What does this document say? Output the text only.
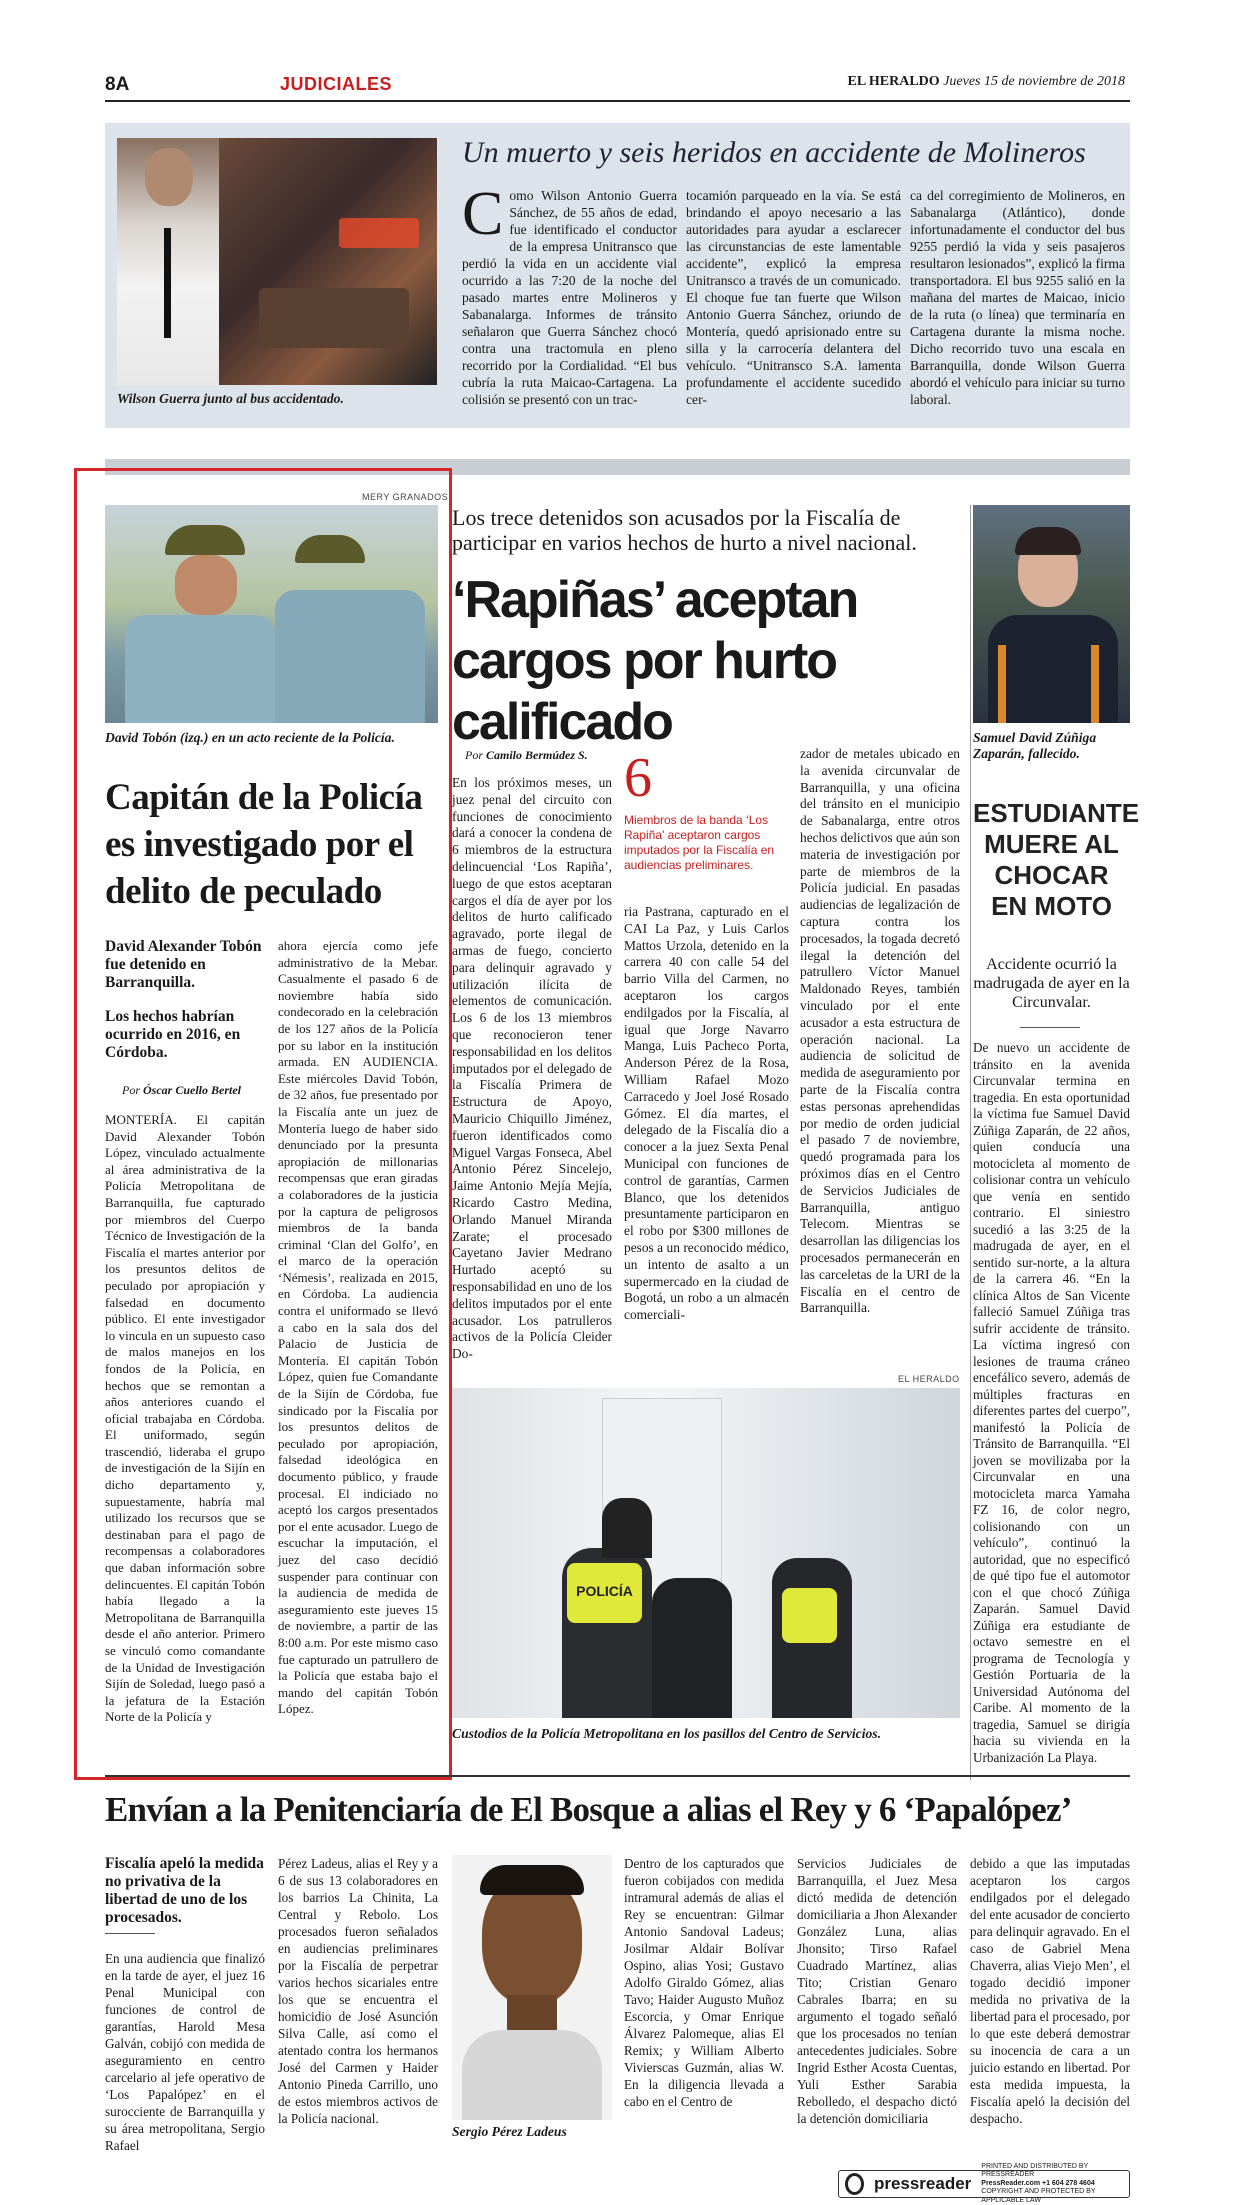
8A	JUDICIALES	EL HERALDO Jueves 15 de noviembre de 2018
Wilson Guerra junto al bus accidentado.
Un muerto y seis heridos en accidente de Molineros

Como Wilson Antonio Guerra Sánchez, de 55 años de edad, fue identificado el conductor de la empresa Unitransco que perdió la vida en un accidente vial ocurrido a las 7:20 de la noche del pasado martes entre Molineros y Sabanalarga. Informes de tránsito señalaron que Guerra Sánchez chocó contra una tractomula en pleno recorrido por la Cordialidad. “El bus cubría la ruta Maicao-Cartagena. La colisión se presentó con un trac-

tocamión parqueado en la vía. Se está brindando el apoyo necesario a las autoridades para ayudar a esclarecer las circunstancias de este lamentable accidente”, explicó la empresa Unitransco a través de un comunicado. El choque fue tan fuerte que Wilson Antonio Guerra Sánchez, oriundo de Montería, quedó aprisionado entre su silla y la carrocería delantera del vehículo. “Unitransco S.A. lamenta profundamente el accidente sucedido cer-

ca del corregimiento de Molineros, en Sabanalarga (Atlántico), donde infortunadamente el conductor del bus 9255 perdió la vida y seis pasajeros resultaron lesionados”, explicó la firma transportadora. El bus 9255 salió en la mañana del martes de Maicao, inicio de la ruta (o línea) que terminaría en Cartagena durante la misma noche. Dicho recorrido tuvo una escala en Barranquilla, donde Wilson Guerra abordó el vehículo para iniciar su turno laboral.

MERY GRANADOS
David Tobón (izq.) en un acto reciente de la Policía.
Capitán de la Policía es investigado por el delito de peculado
David Alexander Tobón fue detenido en Barranquilla.
Los hechos habrían ocurrido en 2016, en Córdoba.
Por Óscar Cuello Bertel

MONTERÍA. El capitán David Alexander Tobón López, vinculado actualmente al área administrativa de la Policía Metropolitana de Barranquilla, fue capturado por miembros del Cuerpo Técnico de Investigación de la Fiscalía el martes anterior por los presuntos delitos de peculado por apropiación y falsedad en documento público. El ente investigador lo vincula en un supuesto caso de malos manejos en los fondos de la Policía, en hechos que se remontan a años anteriores cuando el oficial trabajaba en Córdoba. El uniformado, según trascendió, lideraba el grupo de investigación de la Sijín en dicho departamento y, supuestamente, habría mal utilizado los recursos que se destinaban para el pago de recompensas a colaboradores que daban información sobre delincuentes. El capitán Tobón había llegado a la Metropolitana de Barranquilla desde el año anterior. Primero se vinculó como comandante de la Unidad de Investigación Sijín de Soledad, luego pasó a la jefatura de la Estación Norte de la Policía y

ahora ejercía como jefe administrativo de la Mebar. Casualmente el pasado 6 de noviembre había sido condecorado en la celebración de los 127 años de la Policía por su labor en la institución armada. EN AUDIENCIA. Este miércoles David Tobón, de 32 años, fue presentado por la Fiscalía ante un juez de Montería luego de haber sido denunciado por la presunta apropiación de millonarias recompensas que eran giradas a colaboradores de la justicia por la captura de peligrosos miembros de la banda criminal ‘Clan del Golfo’, en el marco de la operación ‘Némesis’, realizada en 2015, en Córdoba. La audiencia contra el uniformado se llevó a cabo en la sala dos del Palacio de Justicia de Montería. El capitán Tobón López, quien fue Comandante de la Sijín de Córdoba, fue sindicado por la Fiscalía por los presuntos delitos de peculado por apropiación, falsedad ideológica en documento público, y fraude procesal. El indiciado no aceptó los cargos presentados por el ente acusador. Luego de escuchar la imputación, el juez del caso decidió suspender para continuar con la audiencia de medida de aseguramiento este jueves 15 de noviembre, a partir de las 8:00 a.m. Por este mismo caso fue capturado un patrullero de la Policía que estaba bajo el mando del capitán Tobón López.

Los trece detenidos son acusados por la Fiscalía de participar en varios hechos de hurto a nivel nacional.
‘Rapiñas’ aceptan cargos por hurto calificado
Por Camilo Bermúdez S.

En los próximos meses, un juez penal del circuito con funciones de conocimiento dará a conocer la condena de 6 miembros de la estructura delincuencial ‘Los Rapiña’, luego de que estos aceptaran cargos el día de ayer por los delitos de hurto calificado agravado, porte ilegal de armas de fuego, concierto para delinquir agravado y utilización ilícita de elementos de comunicación. Los 6 de los 13 miembros que reconocieron tener responsabilidad en los delitos imputados por el delegado de la Fiscalía Primera de Estructura de Apoyo, Mauricio Chiquillo Jiménez, fueron identificados como Miguel Vargas Fonseca, Abel Antonio Pérez Sincelejo, Jaime Antonio Mejía Mejía, Ricardo Castro Medina, Orlando Manuel Miranda Zarate; el procesado Cayetano Javier Medrano Hurtado aceptó su responsabilidad en uno de los delitos imputados por el ente acusador. Los patrulleros activos de la Policía Cleider Do-

6
Miembros de la banda ‘Los Rapiña’ aceptaron cargos imputados por la Fiscalía en audiencias preliminares.

ria Pastrana, capturado en el CAI La Paz, y Luis Carlos Mattos Urzola, detenido en la carrera 40 con calle 54 del barrio Villa del Carmen, no aceptaron los cargos endilgados por la Fiscalía, al igual que Jorge Navarro Manga, Luis Pacheco Porta, Anderson Pérez de la Rosa, William Rafael Mozo Carracedo y Joel José Rosado Gómez. El día martes, el delegado de la Fiscalía dio a conocer a la juez Sexta Penal Municipal con funciones de control de garantías, Carmen Blanco, que los detenidos presuntamente participaron en el robo por $300 millones de pesos a un reconocido médico, un intento de asalto a un supermercado en la ciudad de Bogotá, un robo a un almacén comerciali-

zador de metales ubicado en la avenida circunvalar de Barranquilla, y una oficina del tránsito en el municipio de Sabanalarga, entre otros hechos delictivos que aún son materia de investigación por parte de miembros de la Policía judicial. En pasadas audiencias de legalización de captura contra los procesados, la togada decretó ilegal la detención del patrullero Víctor Manuel Maldonado Reyes, también vinculado por el ente acusador a esta estructura de operación nacional. La audiencia de solicitud de medida de aseguramiento por parte de la Fiscalía contra estas personas aprehendidas por medio de orden judicial el pasado 7 de noviembre, quedó programada para los próximos días en el Centro de Servicios Judiciales de Barranquilla, antiguo Telecom. Mientras se desarrollan las diligencias los procesados permanecerán en las carceletas de la URI de la Fiscalía en el centro de Barranquilla.

EL HERALDO
POLICÍA
Custodios de la Policía Metropolitana en los pasillos del Centro de Servicios.
Samuel David Zúñiga Zaparán, fallecido.
ESTUDIANTE MUERE AL CHOCAR EN MOTO
Accidente ocurrió la madrugada de ayer en la Circunvalar.

De nuevo un accidente de tránsito en la avenida Circunvalar termina en tragedia. En esta oportunidad la víctima fue Samuel David Zúñiga Zaparán, de 22 años, quien conducía una motocicleta al momento de colisionar contra un vehículo que venía en sentido contrario. El siniestro sucedió a las 3:25 de la madrugada de ayer, en el sentido sur-norte, a la altura de la carrera 46. “En la clínica Altos de San Vicente falleció Samuel Zúñiga tras sufrir accidente de tránsito. La víctima ingresó con lesiones de trauma cráneo encefálico severo, además de múltiples fracturas en diferentes partes del cuerpo”, manifestó la Policía de Tránsito de Barranquilla. “El joven se movilizaba por la Circunvalar en una motocicleta marca Yamaha FZ 16, de color negro, colisionando con un vehículo”, continuó la autoridad, que no especificó de qué tipo fue el automotor con el que chocó Zúñiga Zaparán. Samuel David Zúñiga era estudiante de octavo semestre en el programa de Tecnología y Gestión Portuaria de la Universidad Autónoma del Caribe. Al momento de la tragedia, Samuel se dirigía hacia su vivienda en la Urbanización La Playa.

Envían a la Penitenciaría de El Bosque a alias el Rey y 6 ‘Papalópez’
Fiscalía apeló la medida no privativa de la libertad de uno de los procesados.

En una audiencia que finalizó en la tarde de ayer, el juez 16 Penal Municipal con funciones de control de garantías, Harold Mesa Galván, cobijó con medida de aseguramiento en centro carcelario al jefe operativo de ‘Los Papalópez’ en el surocciente de Barranquilla y su área metropolitana, Sergio Rafael

Pérez Ladeus, alias el Rey y a 6 de sus 13 colaboradores en los barrios La Chinita, La Central y Rebolo. Los procesados fueron señalados en audiencias preliminares por la Fiscalía de perpetrar varios hechos sicariales entre los que se encuentra el homicidio de José Asunción Silva Calle, así como el atentado contra los hermanos José del Carmen y Haider Antonio Pineda Carrillo, uno de estos miembros activos de la Policía nacional.

Sergio Pérez Ladeus

Dentro de los capturados que fueron cobijados con medida intramural además de alias el Rey se encuentran: Gilmar Antonio Sandoval Ladeus; Josilmar Aldair Bolívar Ospino, alias Yosi; Gustavo Adolfo Giraldo Gómez, alias Tavo; Haider Augusto Muñoz Escorcia, y Omar Enrique Álvarez Palomeque, alias El Remix; y William Alberto Vivierscas Guzmán, alias W. En la diligencia llevada a cabo en el Centro de

Servicios Judiciales de Barranquilla, el Juez Mesa dictó medida de detención domiciliaria a Jhon Alexander González Luna, alias Jhonsito; Tirso Rafael Cuadrado Martínez, alias Tito; Cristian Genaro Cabrales Ibarra; en su argumento el togado señaló que los procesados no tenían antecedentes judiciales. Sobre Ingrid Esther Acosta Cuentas, Yuli Esther Sarabia Rebolledo, el despacho dictó la detención domiciliaria

debido a que las imputadas aceptaron los cargos endilgados por el delegado del ente acusador de concierto para delinquir agravado. En el caso de Gabriel Mena Chaverra, alias Viejo Men’, el togado decidió imponer medida no privativa de la libertad para el procesado, por lo que este deberá demostrar su inocencia de cara a un juicio estando en libertad. Por esta medida impuesta, la Fiscalía apeló la decisión del despacho.

pressreader
PRINTED AND DISTRIBUTED BY PRESSREADER
PressReader.com +1 604 278 4604
COPYRIGHT AND PROTECTED BY APPLICABLE LAW
